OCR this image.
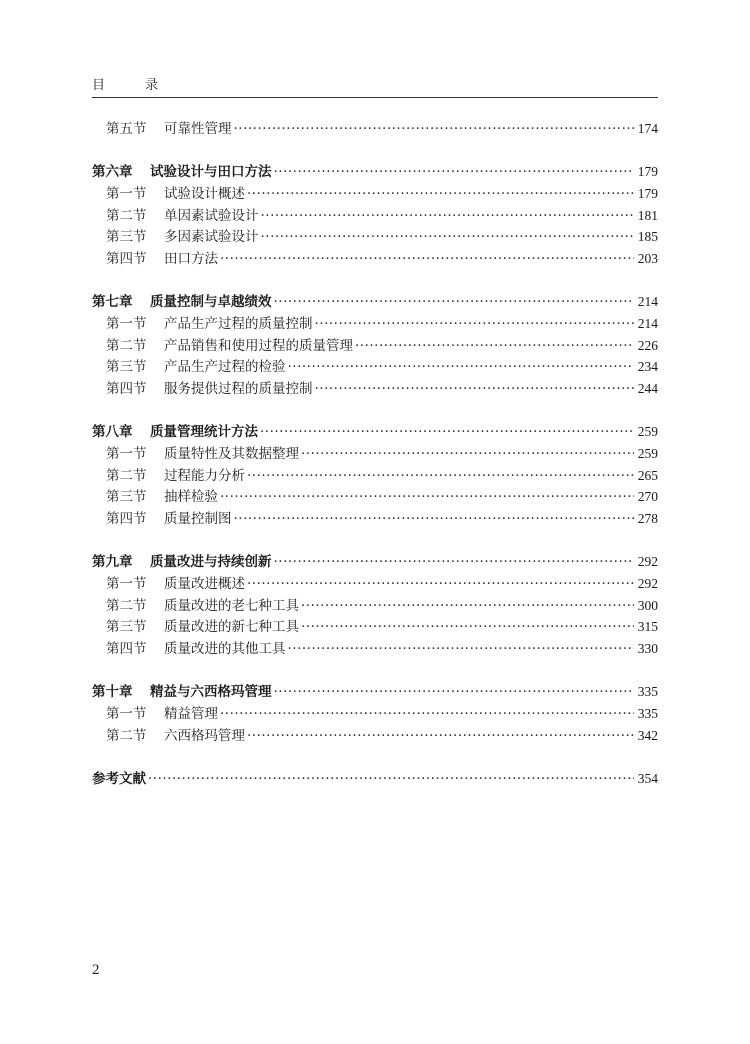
目 录
第五节	可靠性管理 ·····	174
第六章	试验设计与田口方法 ·····	179
第一节	试验设计概述 ·····	179
第二节	单因素试验设计 ·····	181
第三节	多因素试验设计 ·····	185
第四节	田口方法 ·····	203
第七章	质量控制与卓越绩效 ·····	214
第一节	产品生产过程的质量控制 ·····	214
第二节	产品销售和使用过程的质量管理 ·····	226
第三节	产品生产过程的检验 ·····	234
第四节	服务提供过程的质量控制 ·····	244
第八章	质量管理统计方法 ·····	259
第一节	质量特性及其数据整理 ·····	259
第二节	过程能力分析 ·····	265
第三节	抽样检验 ·····	270
第四节	质量控制图 ·····	278
第九章	质量改进与持续创新 ·····	292
第一节	质量改进概述 ·····	292
第二节	质量改进的老七种工具 ·····	300
第三节	质量改进的新七种工具 ·····	315
第四节	质量改进的其他工具 ·····	330
第十章	精益与六西格玛管理 ·····	335
第一节	精益管理 ·····	335
第二节	六西格玛管理 ·····	342
参考文献 ·····	354
2
